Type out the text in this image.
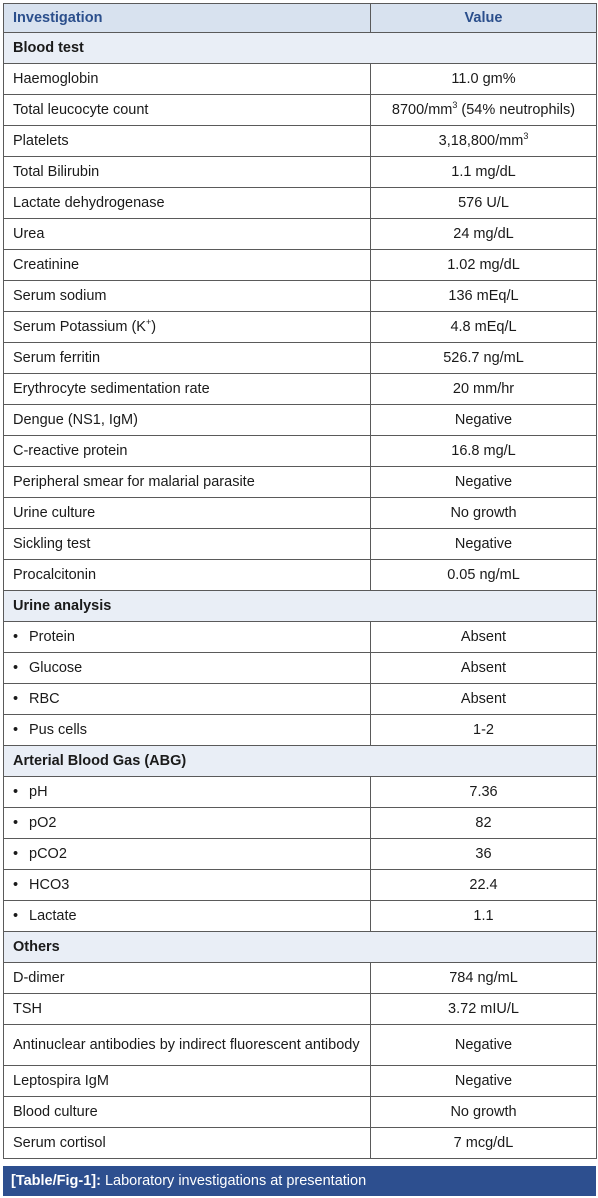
Investigation	Value
Blood test	
Haemoglobin	11.0 gm%
Total leucocyte count	$8700/mm^3$ (54% neutrophils)
Platelets	$3,18,800/mm^3$
Total Bilirubin	1.1 mg/dL
Lactate dehydrogenase	576 U/L
Urea	24 mg/dL
Creatinine	1.02 mg/dL
Serum sodium	136 mEq/L
Serum Potassium (K+)	4.8 mEq/L
Serum ferritin	526.7 ng/mL
Erythrocyte sedimentation rate	20 mm/hr
Dengue (NS1, IgM)	Negative
C-reactive protein	16.8 mg/L
Peripheral smear for malarial parasite	Negative
Urine culture	No growth
Sickling test	Negative
Procalcitonin	0.05 ng/mL
Urine analysis	
• Protein	Absent
• Glucose	Absent
• RBC	Absent
• Pus cells	1-2
Arterial Blood Gas (ABG)	
• pH	7.36
• pO2	82
• pCO2	36
• HCO3	22.4
• Lactate	1.1
Others	
D-dimer	784 ng/mL
TSH	3.72 mIU/L
Antinuclear antibodies by indirect fluorescent antibody	Negative
Leptospira IgM	Negative
Blood culture	No growth
Serum cortisol	7 mcg/dL
[Table/Fig-1]: Laboratory investigations at presentation
